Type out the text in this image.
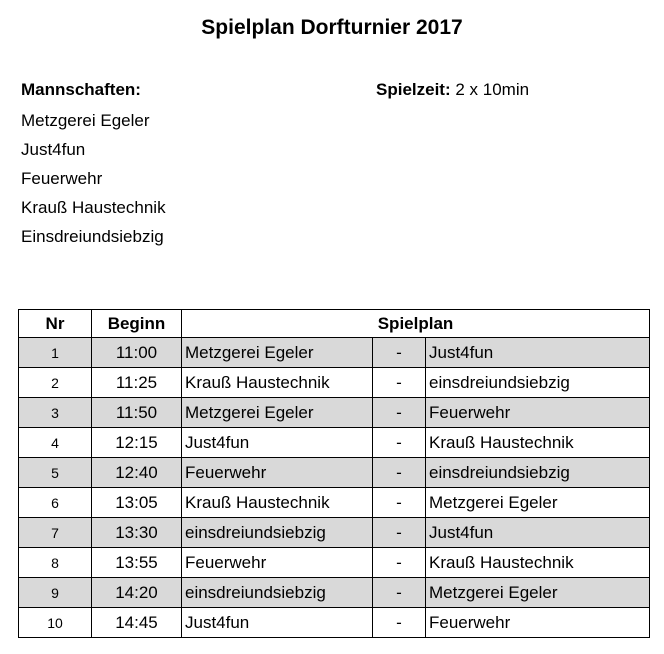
Spielplan Dorfturnier 2017
Mannschaften:
Metzgerei Egeler
Just4fun
Feuerwehr
Krauß Haustechnik
Einsdreiundsiebzig
Spielzeit: 2 x 10min
Nr	Beginn	Spielplan		
1	11:00	Metzgerei Egeler	-	Just4fun
2	11:25	Krauß Haustechnik	-	einsdreiundsiebzig
3	11:50	Metzgerei Egeler	-	Feuerwehr
4	12:15	Just4fun	-	Krauß Haustechnik
5	12:40	Feuerwehr	-	einsdreiundsiebzig
6	13:05	Krauß Haustechnik	-	Metzgerei Egeler
7	13:30	einsdreiundsiebzig	-	Just4fun
8	13:55	Feuerwehr	-	Krauß Haustechnik
9	14:20	einsdreiundsiebzig	-	Metzgerei Egeler
10	14:45	Just4fun	-	Feuerwehr
